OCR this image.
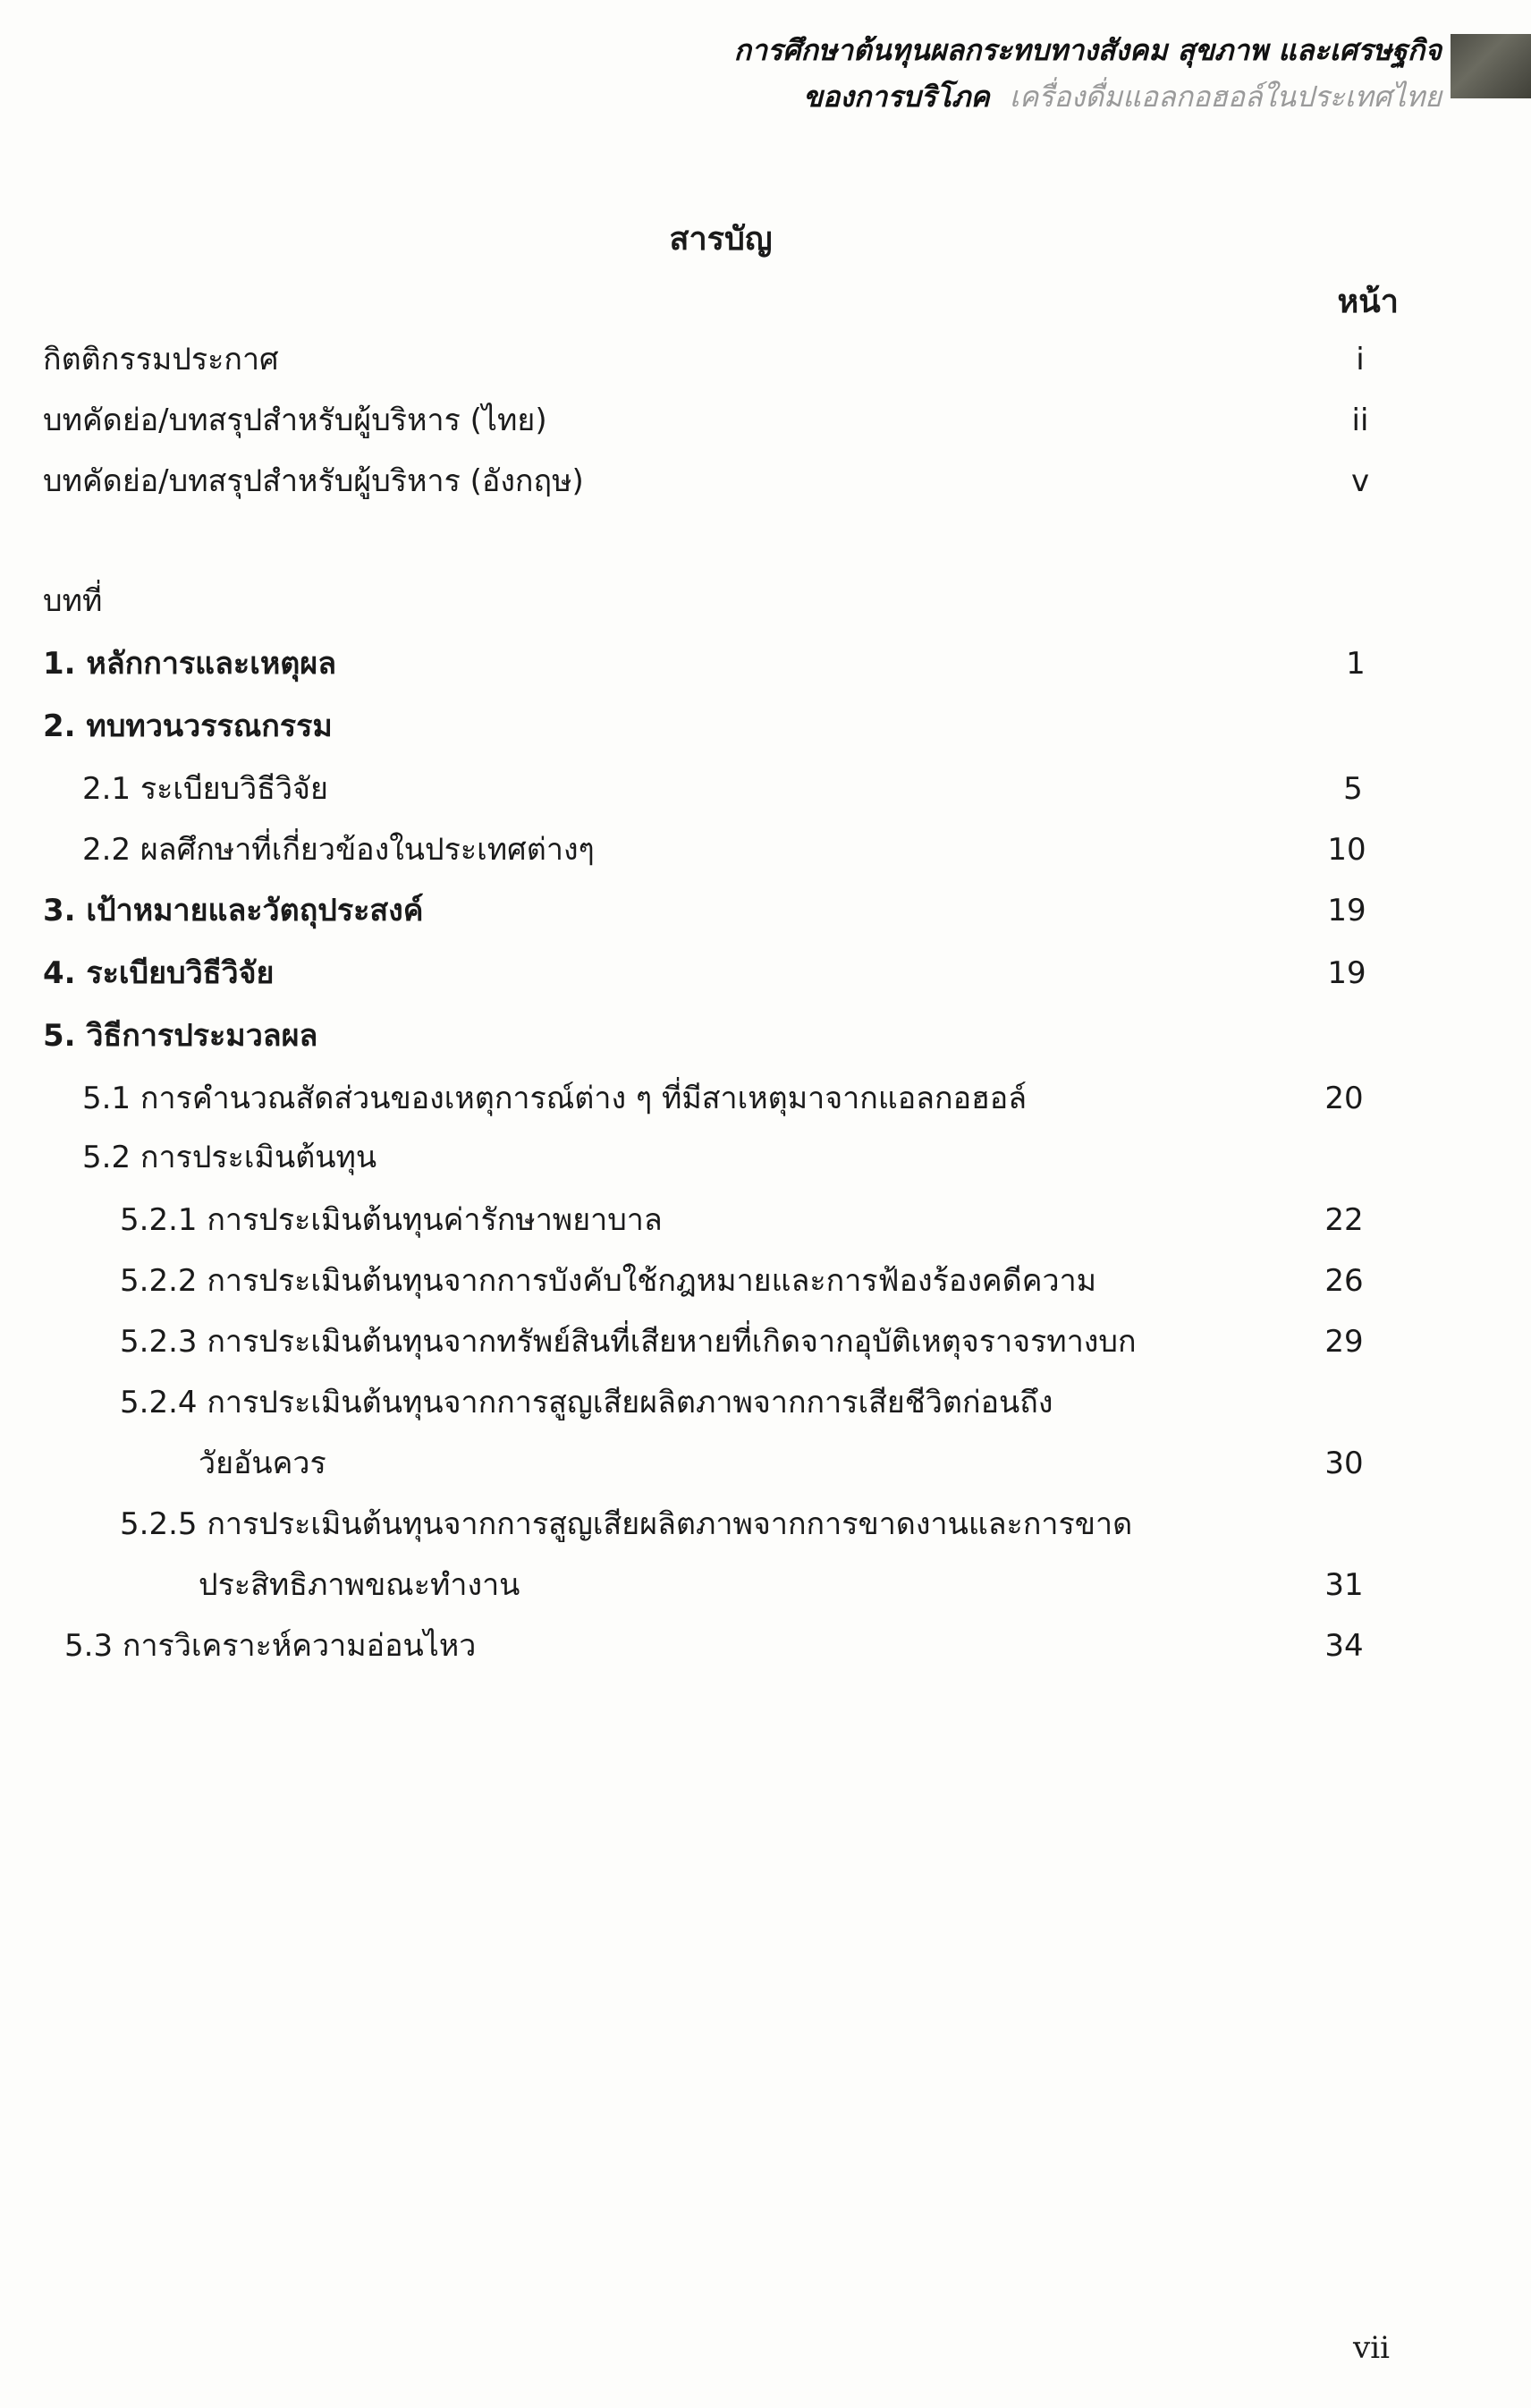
การศึกษาต้นทุนผลกระทบทางสังคม สุขภาพ และเศรษฐกิจ
ของการบริโภค เครื่องดื่มแอลกอฮอล์ในประเทศไทย
สารบัญ
หน้า
กิตติกรรมประกาศ	i
บทคัดย่อ/บทสรุปสำหรับผู้บริหาร (ไทย)	ii
บทคัดย่อ/บทสรุปสำหรับผู้บริหาร (อังกฤษ)	v
บทที่
1. หลักการและเหตุผล	1
2. ทบทวนวรรณกรรม
2.1 ระเบียบวิธีวิจัย	5
2.2 ผลศึกษาที่เกี่ยวข้องในประเทศต่างๆ	10
3. เป้าหมายและวัตถุประสงค์	19
4. ระเบียบวิธีวิจัย	19
5. วิธีการประมวลผล
5.1 การคำนวณสัดส่วนของเหตุการณ์ต่าง ๆ ที่มีสาเหตุมาจากแอลกอฮอล์	20
5.2 การประเมินต้นทุน
5.2.1 การประเมินต้นทุนค่ารักษาพยาบาล	22
5.2.2 การประเมินต้นทุนจากการบังคับใช้กฎหมายและการฟ้องร้องคดีความ	26
5.2.3 การประเมินต้นทุนจากทรัพย์สินที่เสียหายที่เกิดจากอุบัติเหตุจราจรทางบก	29
5.2.4 การประเมินต้นทุนจากการสูญเสียผลิตภาพจากการเสียชีวิตก่อนถึง
วัยอันควร	30
5.2.5 การประเมินต้นทุนจากการสูญเสียผลิตภาพจากการขาดงานและการขาด
ประสิทธิภาพขณะทำงาน	31
5.3 การวิเคราะห์ความอ่อนไหว	34
vii
